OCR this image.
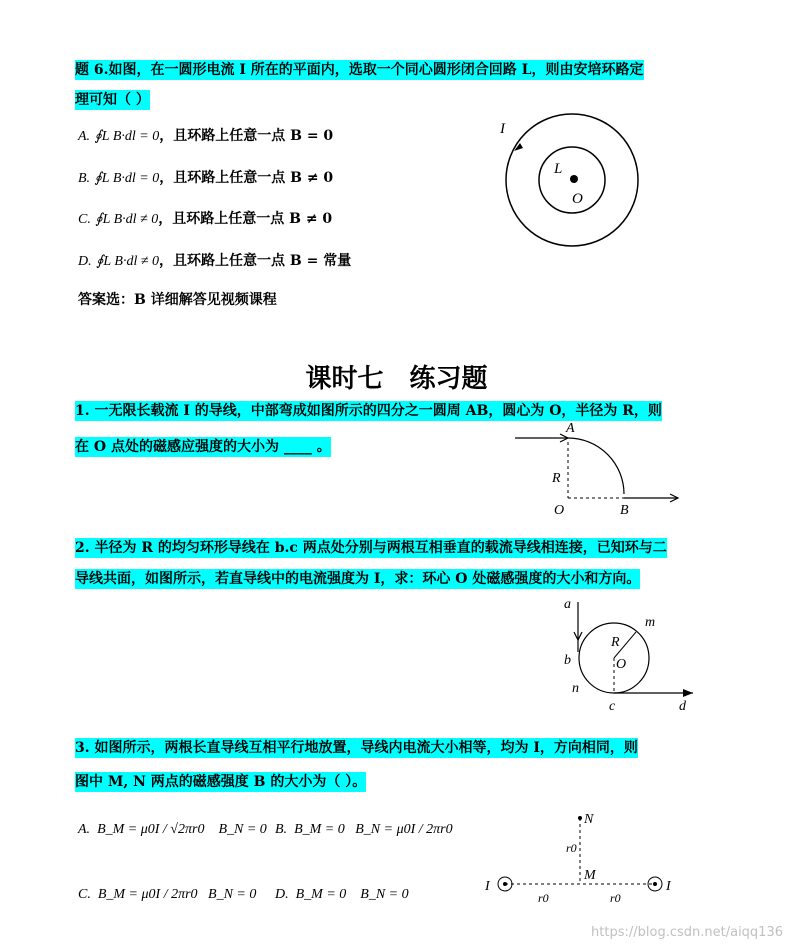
题 6.如图，在一圆形电流 I 所在的平面内，选取一个同心圆形闭合回路 L，则由安培环路定
理可知（ ）
A. ∮L B·dl = 0，且环路上任意一点 B = 0
B. ∮L B·dl = 0，且环路上任意一点 B ≠ 0
C. ∮L B·dl ≠ 0，且环路上任意一点 B ≠ 0
D. ∮L B·dl ≠ 0，且环路上任意一点 B = 常量
答案选：B 详细解答见视频课程
I
L
O
课时七　练习题
1. 一无限长载流 I 的导线，中部弯成如图所示的四分之一圆周 AB，圆心为 O，半径为 R，则
在 O 点处的磁感应强度的大小为 ____ 。
A
R
O	B
2. 半径为 R 的均匀环形导线在 b.c 两点处分别与两根互相垂直的载流导线相连接，已知环与二
导线共面，如图所示，若直导线中的电流强度为 I，求：环心 O 处磁感强度的大小和方向。
a
b
c	d
m
n
R
O
3. 如图所示，两根长直导线互相平行地放置，导线内电流大小相等，均为 I，方向相同，则
图中 M, N 两点的磁感强度 B 的大小为（ ）。
A. B_M = μ0I / √2πr0 B_N = 0 B. B_M = 0 B_N = μ0I / 2πr0
C. B_M = μ0I / 2πr0 B_N = 0 D. B_M = 0 B_N = 0
N
r0
M
I	I
r0	r0
https://blog.csdn.net/aiqq136
